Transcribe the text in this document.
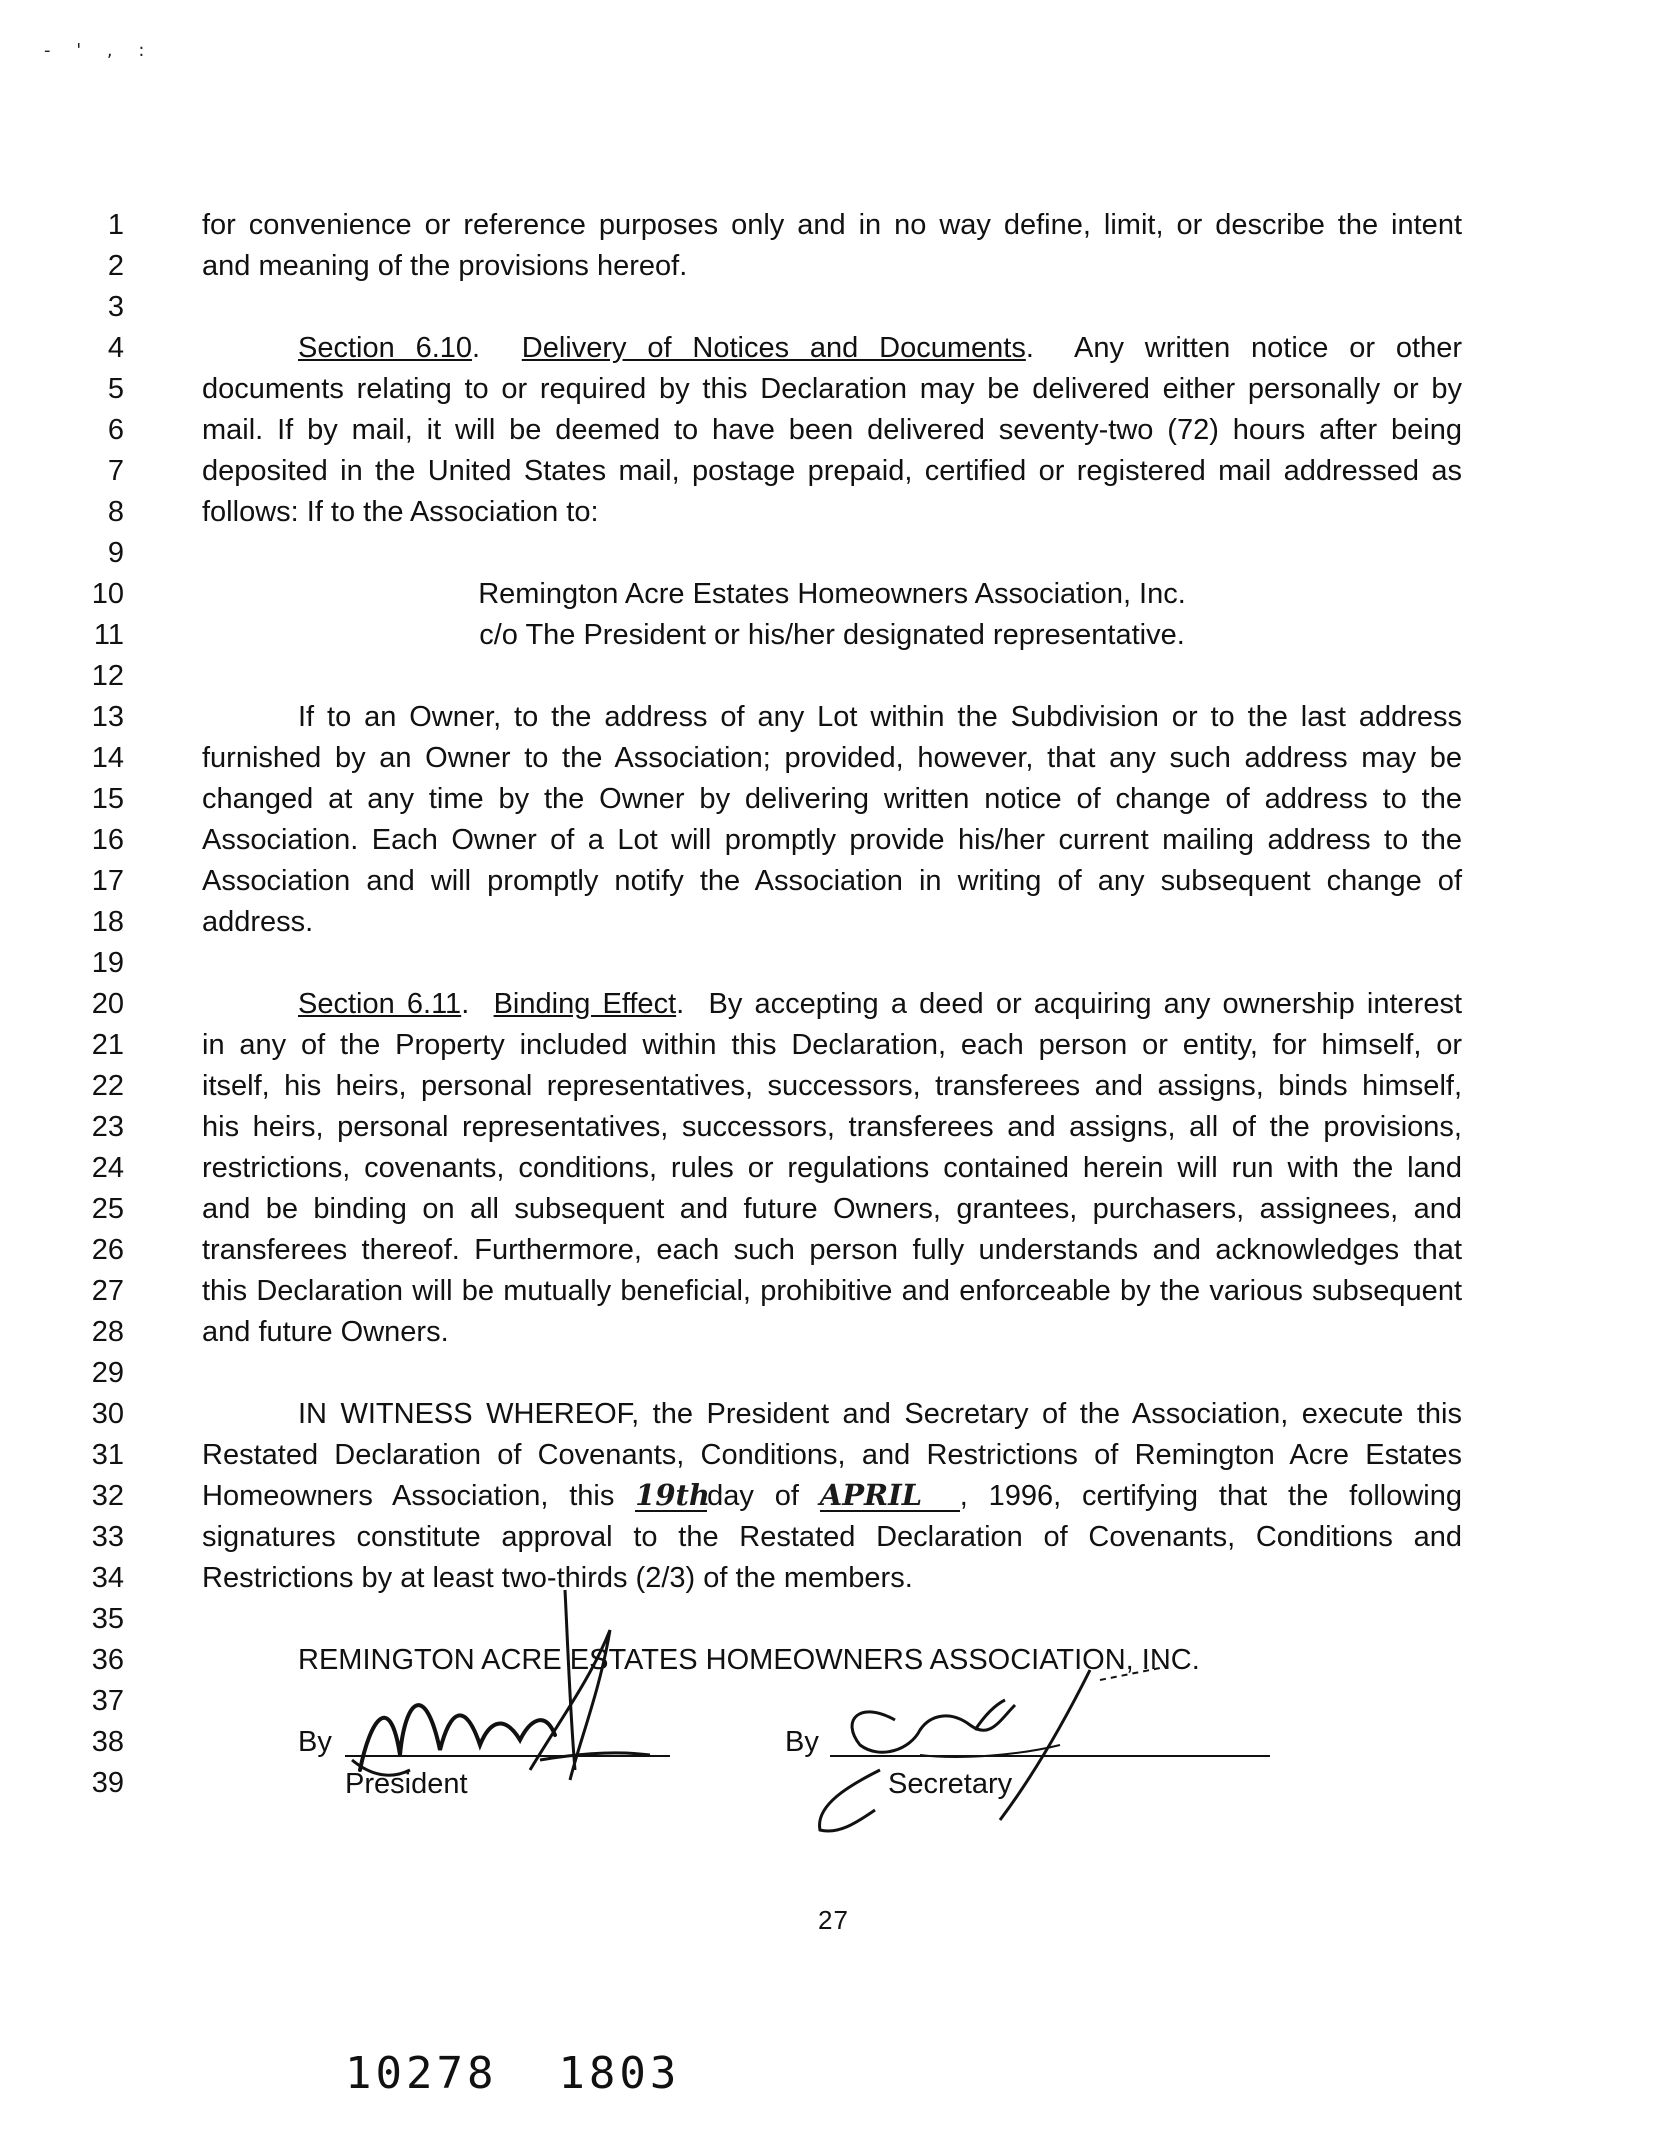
- ' , :
1
2
3
4
5
6
7
8
9
10
11
12
13
14
15
16
17
18
19
20
21
22
23
24
25
26
27
28
29
30
31
32
33
34
35
36
37
38
39
for convenience or reference purposes only and in no way define, limit, or describe the intent
and meaning of the provisions hereof.
Section 6.10.  Delivery of Notices and Documents.  Any written notice or other
documents relating to or required by this Declaration may be delivered either personally or by
mail. If by mail, it will be deemed to have been delivered seventy-two (72) hours after being
deposited in the United States mail, postage prepaid, certified or registered mail addressed as
follows: If to the Association to:
Remington Acre Estates Homeowners Association, Inc.
c/o The President or his/her designated representative.
If to an Owner, to the address of any Lot within the Subdivision or to the last address
furnished by an Owner to the Association; provided, however, that any such address may be
changed at any time by the Owner by delivering written notice of change of address to the
Association. Each Owner of a Lot will promptly provide his/her current mailing address to the
Association and will promptly notify the Association in writing of any subsequent change of
address.
Section 6.11.  Binding Effect.  By accepting a deed or acquiring any ownership interest
in any of the Property included within this Declaration, each person or entity, for himself, or
itself, his heirs, personal representatives, successors, transferees and assigns, binds himself,
his heirs, personal representatives, successors, transferees and assigns, all of the provisions,
restrictions, covenants, conditions, rules or regulations contained herein will run with the land
and be binding on all subsequent and future Owners, grantees, purchasers, assignees, and
transferees thereof. Furthermore, each such person fully understands and acknowledges that
this Declaration will be mutually beneficial, prohibitive and enforceable by the various subsequent
and future Owners.
IN WITNESS WHEREOF, the President and Secretary of the Association, execute this
Restated Declaration of Covenants, Conditions, and Restrictions of Remington Acre Estates
Homeowners Association, this 19thday of APRIL , 1996, certifying that the following
signatures constitute approval to the Restated Declaration of Covenants, Conditions and
Restrictions by at least two-thirds (2/3) of the members.
REMINGTON ACRE ESTATES HOMEOWNERS ASSOCIATION, INC.
By
President
By
Secretary
27
10278  1803
